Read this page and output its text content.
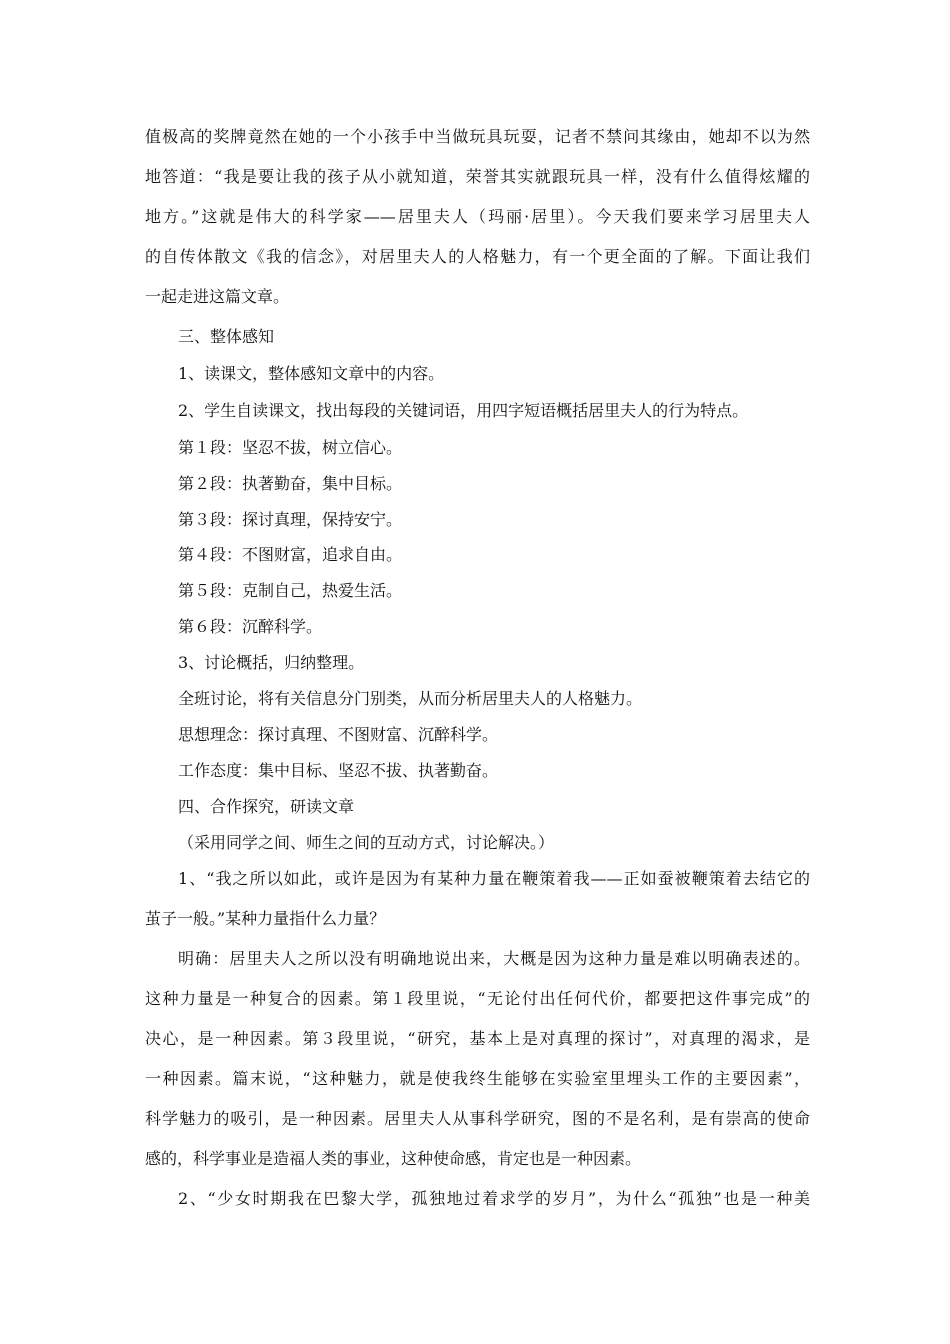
值极高的奖牌竟然在她的一个小孩手中当做玩具玩耍，记者不禁问其缘由，她却不以为然
地答道：“我是要让我的孩子从小就知道，荣誉其实就跟玩具一样，没有什么值得炫耀的
地方。”这就是伟大的科学家——居里夫人（玛丽·居里）。今天我们要来学习居里夫人
的自传体散文《我的信念》，对居里夫人的人格魅力，有一个更全面的了解。下面让我们
一起走进这篇文章。
三、整体感知
1、读课文，整体感知文章中的内容。
2、学生自读课文，找出每段的关键词语，用四字短语概括居里夫人的行为特点。
第１段：坚忍不拔，树立信心。
第２段：执著勤奋，集中目标。
第３段：探讨真理，保持安宁。
第４段：不图财富，追求自由。
第５段：克制自己，热爱生活。
第６段：沉醉科学。
3、讨论概括，归纳整理。
全班讨论，将有关信息分门别类，从而分析居里夫人的人格魅力。
思想理念：探讨真理、不图财富、沉醉科学。
工作态度：集中目标、坚忍不拔、执著勤奋。
四、合作探究，研读文章
（采用同学之间、师生之间的互动方式，讨论解决。）
1、“我之所以如此，或许是因为有某种力量在鞭策着我——正如蚕被鞭策着去结它的
茧子一般。”某种力量指什么力量？
明确：居里夫人之所以没有明确地说出来，大概是因为这种力量是难以明确表述的。
这种力量是一种复合的因素。第１段里说，“无论付出任何代价，都要把这件事完成”的
决心，是一种因素。第３段里说，“研究，基本上是对真理的探讨”，对真理的渴求，是
一种因素。篇末说，“这种魅力，就是使我终生能够在实验室里埋头工作的主要因素”，
科学魅力的吸引，是一种因素。居里夫人从事科学研究，图的不是名利，是有崇高的使命
感的，科学事业是造福人类的事业，这种使命感，肯定也是一种因素。
2、“少女时期我在巴黎大学，孤独地过着求学的岁月”，为什么“孤独”也是一种美
